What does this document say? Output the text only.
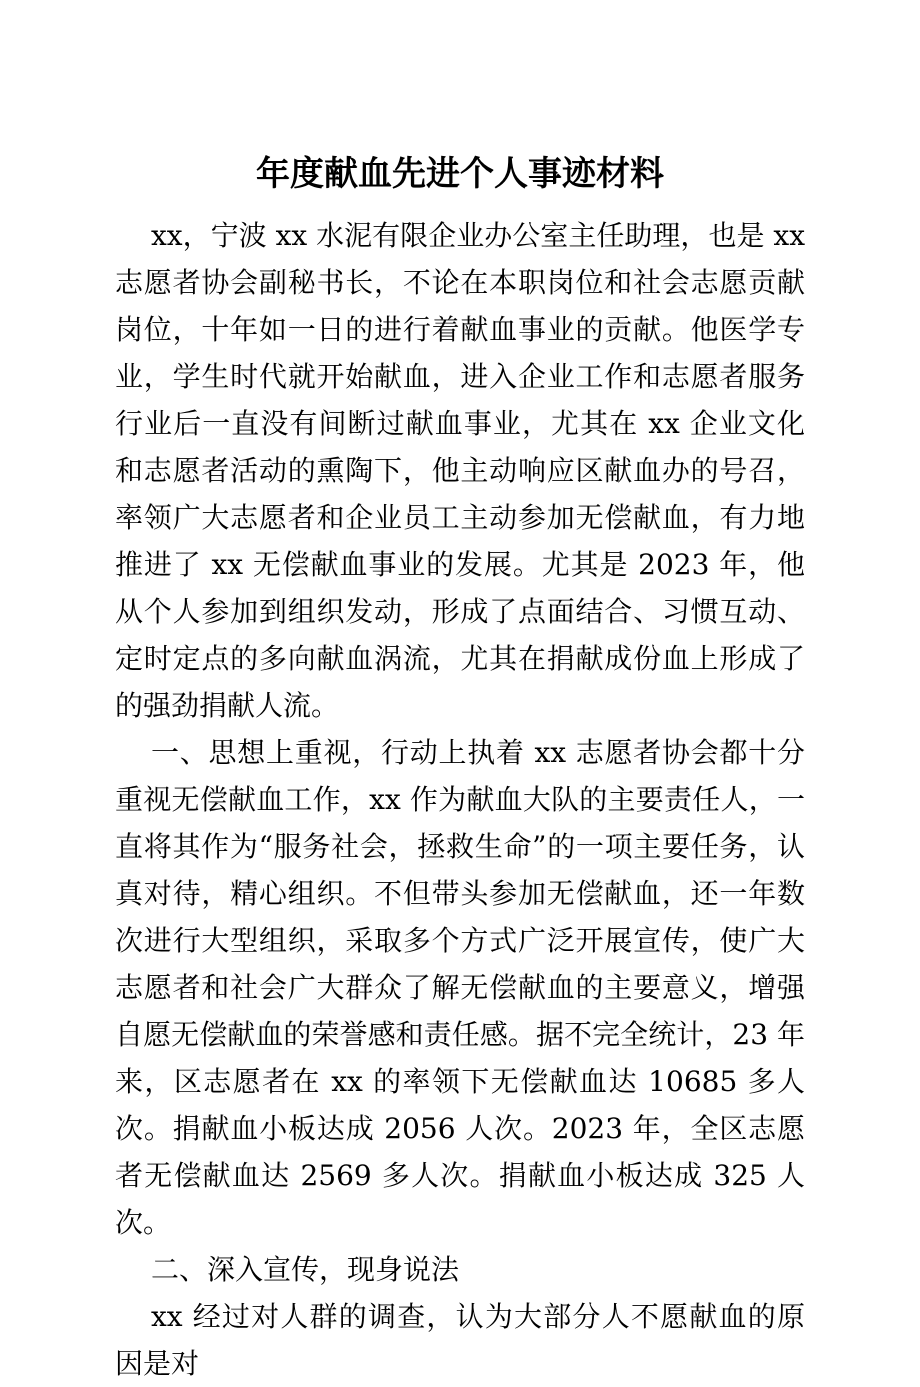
年度献血先进个人事迹材料

xx，宁波 xx 水泥有限企业办公室主任助理，也是 xx 志愿者协会副秘书长，不论在本职岗位和社会志愿贡献岗位，十年如一日的进行着献血事业的贡献。他医学专业，学生时代就开始献血，进入企业工作和志愿者服务行业后一直没有间断过献血事业，尤其在 xx 企业文化和志愿者活动的熏陶下，他主动响应区献血办的号召，率领广大志愿者和企业员工主动参加无偿献血，有力地推进了 xx 无偿献血事业的发展。尤其是 2023 年，他从个人参加到组织发动，形成了点面结合、习惯互动、定时定点的多向献血涡流，尤其在捐献成份血上形成了的强劲捐献人流。

一、思想上重视，行动上执着 xx 志愿者协会都十分重视无偿献血工作，xx 作为献血大队的主要责任人，一直将其作为“服务社会，拯救生命”的一项主要任务，认真对待，精心组织。不但带头参加无偿献血，还一年数次进行大型组织，采取多个方式广泛开展宣传，使广大志愿者和社会广大群众了解无偿献血的主要意义，增强自愿无偿献血的荣誉感和责任感。据不完全统计，23 年来，区志愿者在 xx 的率领下无偿献血达 10685 多人次。捐献血小板达成 2056 人次。2023 年，全区志愿者无偿献血达 2569 多人次。捐献血小板达成 325 人次。

二、深入宣传，现身说法

xx 经过对人群的调查，认为大部分人不愿献血的原因是对
